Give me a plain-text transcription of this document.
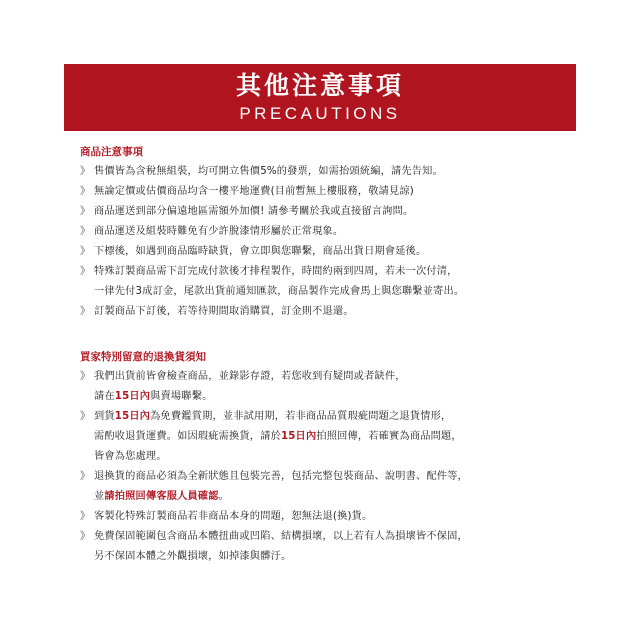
其他注意事項
PRECAUTIONS
商品注意事項
》 售價皆為含稅無組裝，均可開立售價5%的發票，如需抬頭統編，請先告知。
》 無論定價或估價商品均含一樓平地運費(目前暫無上樓服務，敬請見諒)
》 商品運送到部分偏遠地區需額外加價! 請參考關於我或直接留言詢問。
》 商品運送及組裝時難免有少許脫漆情形屬於正常現象。
》 下標後，如遇到商品臨時缺貨，會立即與您聯繫，商品出貨日期會延後。
》 特殊訂製商品需下訂完成付款後才排程製作，時間約兩到四周，若未一次付清，
一律先付3成訂金，尾款出貨前通知匯款，商品製作完成會馬上與您聯繫並寄出。
》 訂製商品下訂後，若等待期間取消購買，訂金則不退還。
買家特別留意的退換貨須知
》 我們出貨前皆會檢查商品，並錄影存證，若您收到有疑問或者缺件，
請在15日內與賣場聯繫。
》 到貨15日內為免費鑑賞期，並非試用期，若非商品品質瑕疵問題之退貨情形，
需酌收退貨運費。如因瑕疵需換貨，請於15日內拍照回傳，若確實為商品問題，
皆會為您處理。
》 退換貨的商品必須為全新狀態且包裝完善，包括完整包裝商品、說明書、配件等，
並請拍照回傳客服人員確認。
》 客製化特殊訂製商品若非商品本身的問題，恕無法退(換)貨。
》 免費保固範圍包含商品本體扭曲或凹陷、結構損壞，以上若有人為損壞皆不保固，
另不保固本體之外觀損壞，如掉漆與髒汙。
